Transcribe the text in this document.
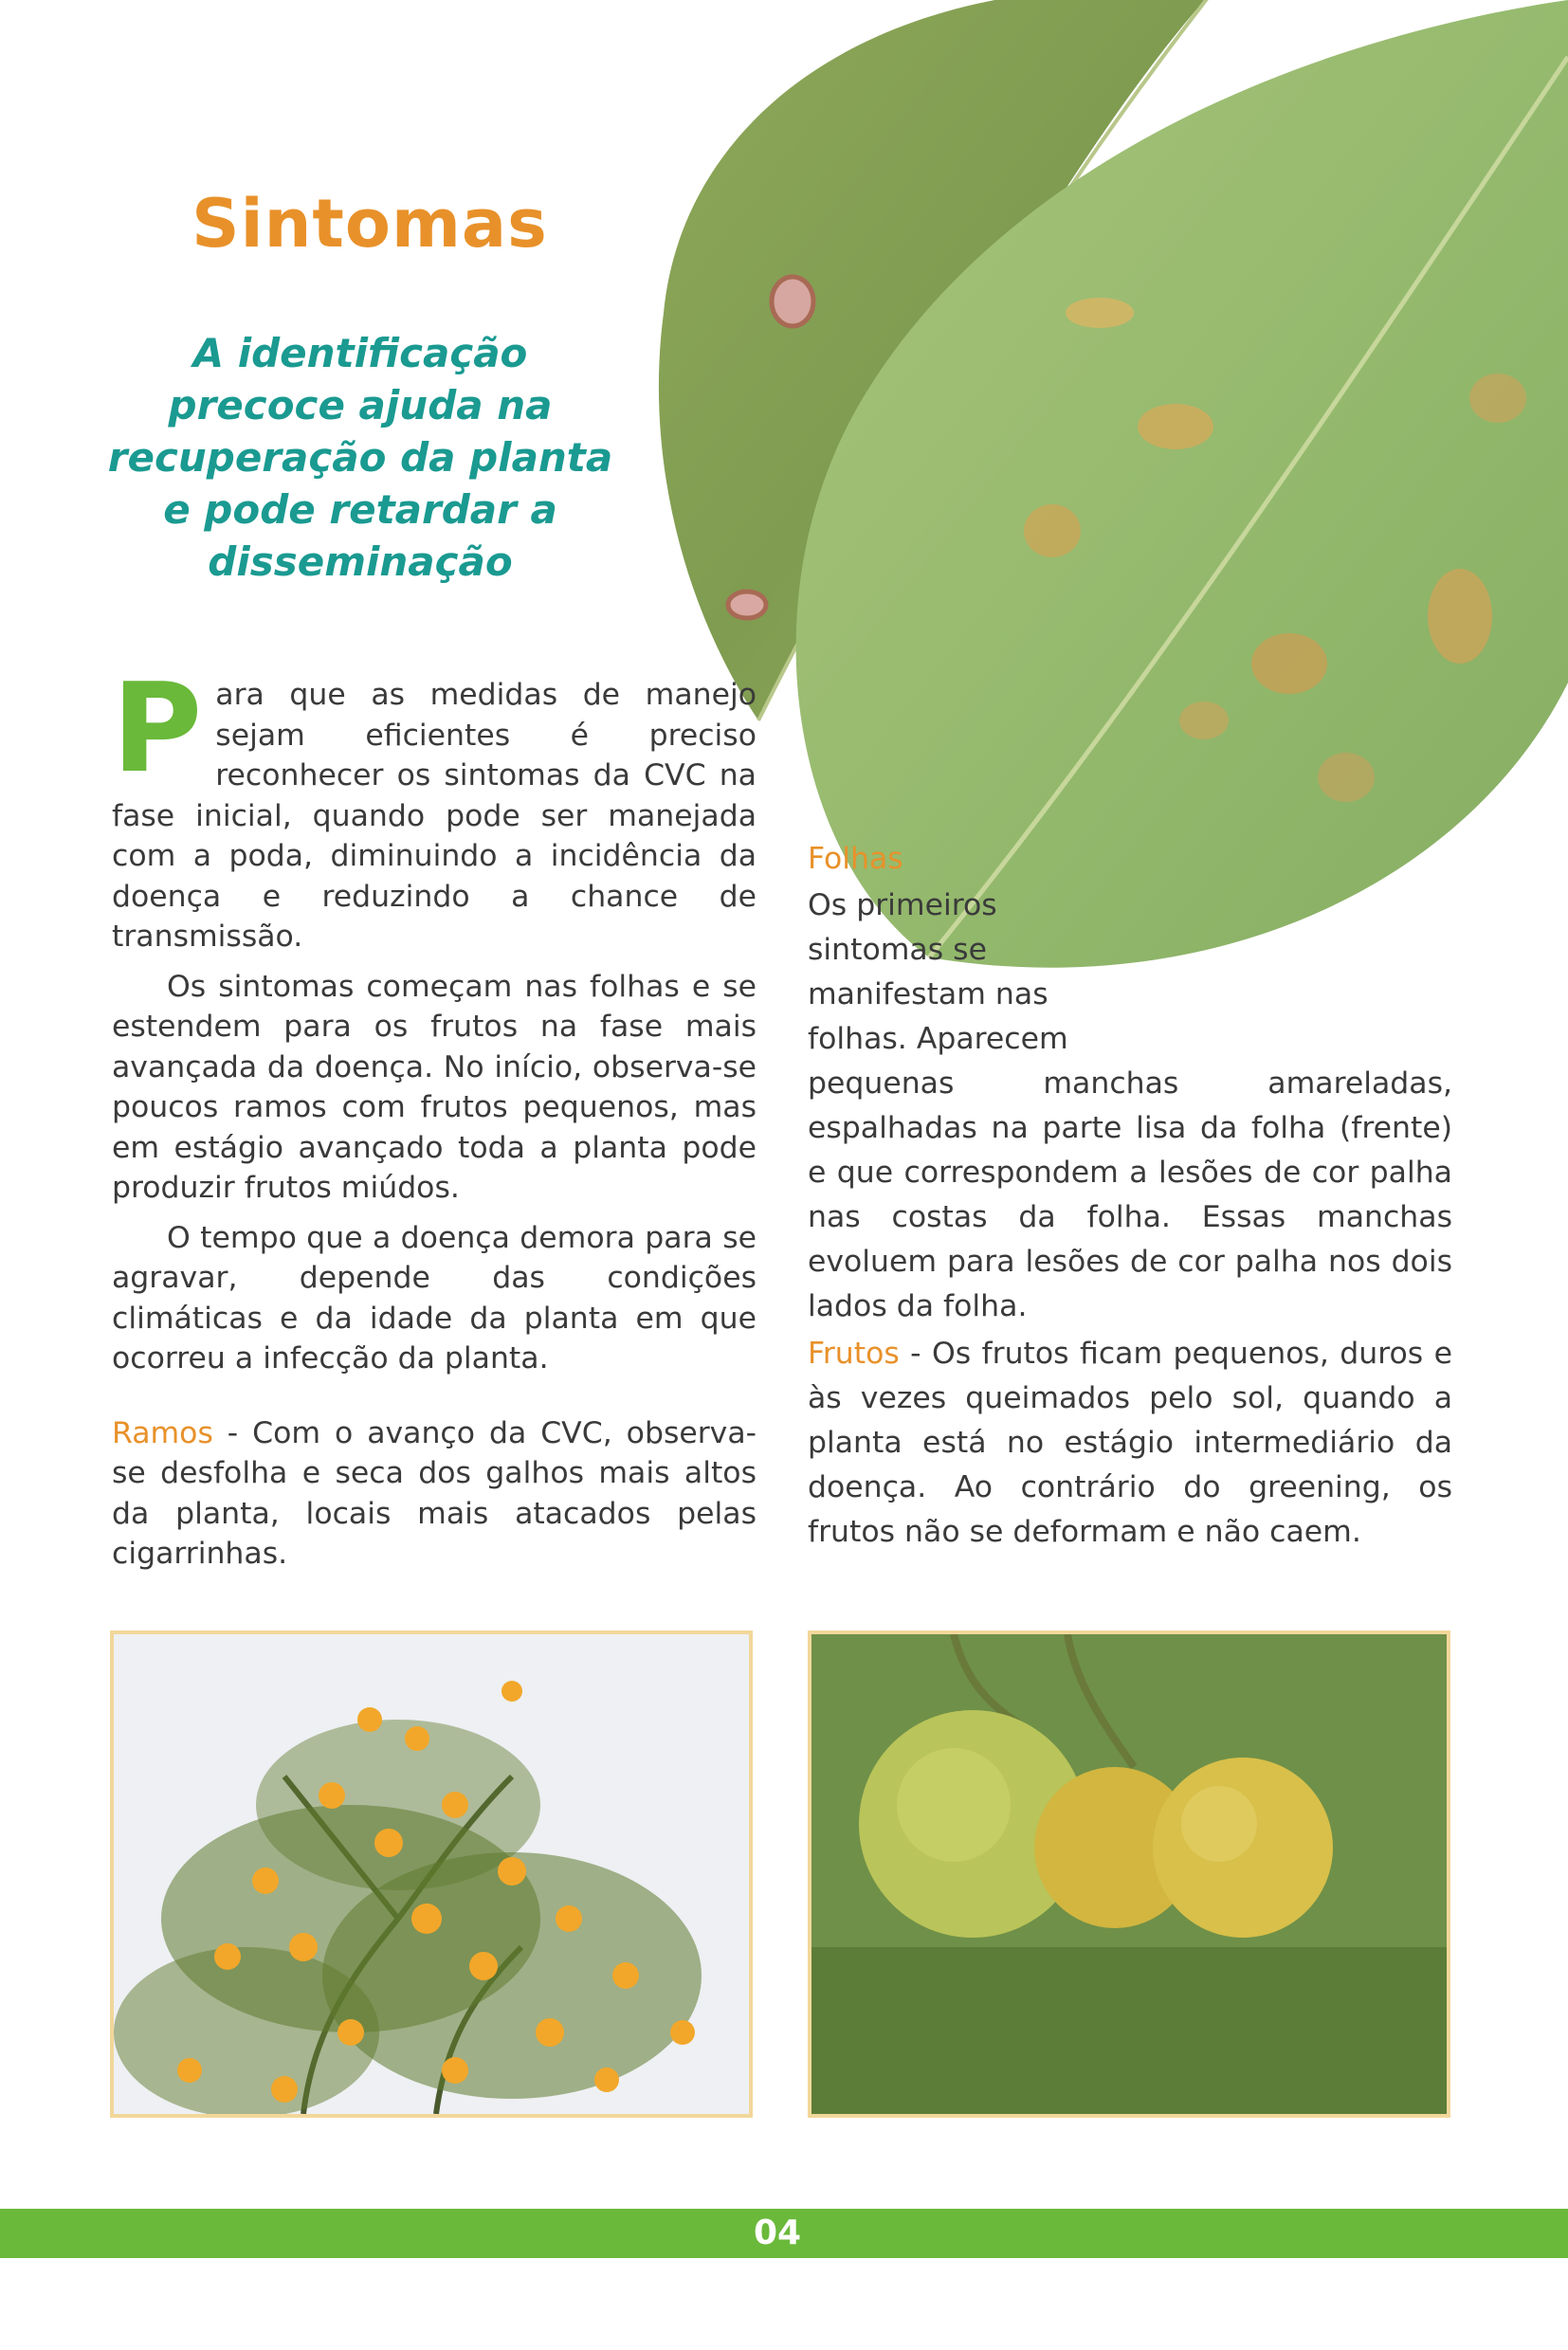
Sintomas
A identificação precoce ajuda na recuperação da planta e pode retardar a disseminação

Para que as medidas de manejo sejam eficientes é preciso reconhecer os sintomas da CVC na fase inicial, quando pode ser manejada com a poda, diminuindo a incidência da doença e reduzindo a chance de transmissão.

Os sintomas começam nas folhas e se estendem para os frutos na fase mais avançada da doença. No início, observa-se poucos ramos com frutos pequenos, mas em estágio avançado toda a planta pode produzir frutos miúdos.

O tempo que a doença demora para se agravar, depende das condições climáticas e da idade da planta em que ocorreu a infecção da planta.

Ramos - Com o avanço da CVC, observa-se desfolha e seca dos galhos mais altos da planta, locais mais atacados pelas cigarrinhas.

Folhas
Os primeiros sintomas se manifestam nas folhas. Aparecem
pequenas manchas amareladas, espalhadas na parte lisa da folha (frente) e que correspondem a lesões de cor palha nas costas da folha. Essas manchas evoluem para lesões de cor palha nos dois lados da folha.
Frutos - Os frutos ficam pequenos, duros e às vezes queimados pelo sol, quando a planta está no estágio intermediário da doença. Ao contrário do greening, os frutos não se deformam e não caem.
04
